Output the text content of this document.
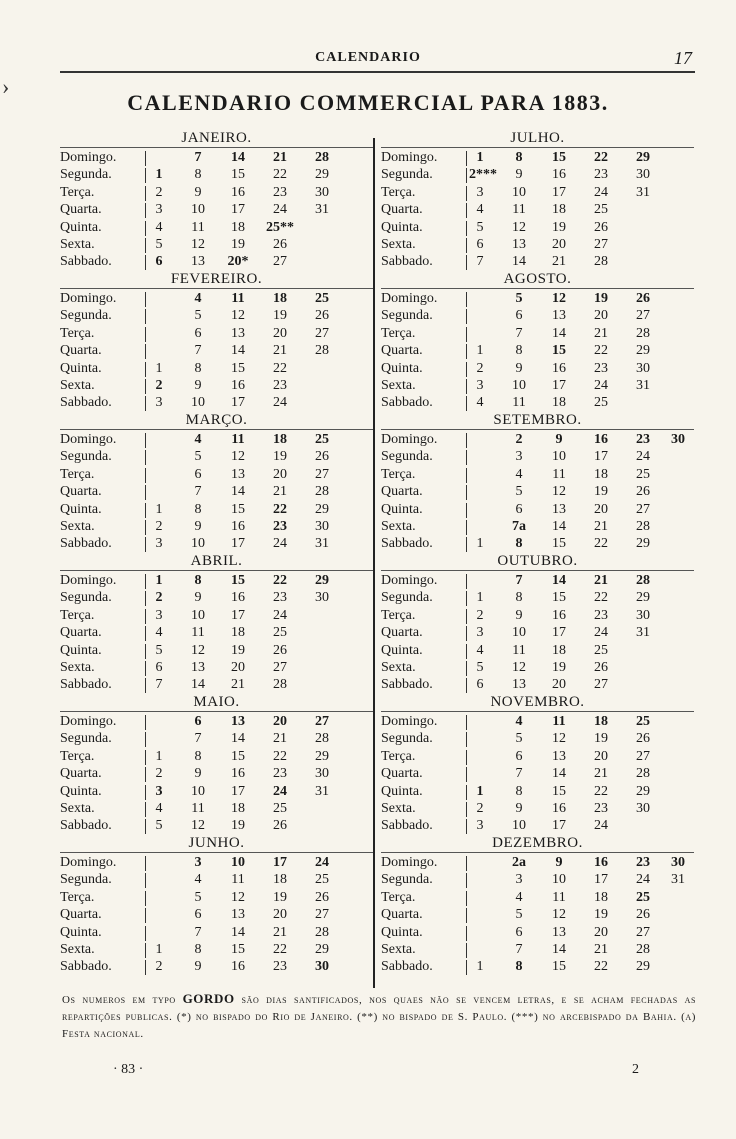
›
CALENDARIO	17
CALENDARIO COMMERCIAL PARA 1883.
JANEIRO.
Domingo.	7	14	21	28
Segunda.	1	8	15	22	29
Terça.	2	9	16	23	30
Quarta.	3	10	17	24	31
Quinta.	4	11	18	25**
Sexta.	5	12	19	26
Sabbado.	6	13	20*	27
FEVEREIRO.
Domingo.	4	11	18	25
Segunda.	5	12	19	26
Terça.	6	13	20	27
Quarta.	7	14	21	28
Quinta.	1	8	15	22
Sexta.	2	9	16	23
Sabbado.	3	10	17	24
MARÇO.
Domingo.	4	11	18	25
Segunda.	5	12	19	26
Terça.	6	13	20	27
Quarta.	7	14	21	28
Quinta.	1	8	15	22	29
Sexta.	2	9	16	23	30
Sabbado.	3	10	17	24	31
ABRIL.
Domingo.	1	8	15	22	29
Segunda.	2	9	16	23	30
Terça.	3	10	17	24
Quarta.	4	11	18	25
Quinta.	5	12	19	26
Sexta.	6	13	20	27
Sabbado.	7	14	21	28
MAIO.
Domingo.	6	13	20	27
Segunda.	7	14	21	28
Terça.	1	8	15	22	29
Quarta.	2	9	16	23	30
Quinta.	3	10	17	24	31
Sexta.	4	11	18	25
Sabbado.	5	12	19	26
JUNHO.
Domingo.	3	10	17	24
Segunda.	4	11	18	25
Terça.	5	12	19	26
Quarta.	6	13	20	27
Quinta.	7	14	21	28
Sexta.	1	8	15	22	29
Sabbado.	2	9	16	23	30
JULHO.
Domingo.	1	8	15	22	29
Segunda.	2***	9	16	23	30
Terça.	3	10	17	24	31
Quarta.	4	11	18	25
Quinta.	5	12	19	26
Sexta.	6	13	20	27
Sabbado.	7	14	21	28
AGOSTO.
Domingo.	5	12	19	26
Segunda.	6	13	20	27
Terça.	7	14	21	28
Quarta.	1	8	15	22	29
Quinta.	2	9	16	23	30
Sexta.	3	10	17	24	31
Sabbado.	4	11	18	25
SETEMBRO.
Domingo.	2	9	16	23	30
Segunda.	3	10	17	24
Terça.	4	11	18	25
Quarta.	5	12	19	26
Quinta.	6	13	20	27
Sexta.	7a	14	21	28
Sabbado.	1	8	15	22	29
OUTUBRO.
Domingo.	7	14	21	28
Segunda.	1	8	15	22	29
Terça.	2	9	16	23	30
Quarta.	3	10	17	24	31
Quinta.	4	11	18	25
Sexta.	5	12	19	26
Sabbado.	6	13	20	27
NOVEMBRO.
Domingo.	4	11	18	25
Segunda.	5	12	19	26
Terça.	6	13	20	27
Quarta.	7	14	21	28
Quinta.	1	8	15	22	29
Sexta.	2	9	16	23	30
Sabbado.	3	10	17	24
DEZEMBRO.
Domingo.	2a	9	16	23	30
Segunda.	3	10	17	24	31
Terça.	4	11	18	25
Quarta.	5	12	19	26
Quinta.	6	13	20	27
Sexta.	7	14	21	28
Sabbado.	1	8	15	22	29
Os numeros em typo GORDO são dias santificados, nos quaes não se vencem letras, e se acham fechadas as repartições publicas. (*) no bispado do Rio de Janeiro. (**) no bispado de S. Paulo. (***) no arcebispado da Bahia. (a) Festa nacional.
· 83 ·	2
